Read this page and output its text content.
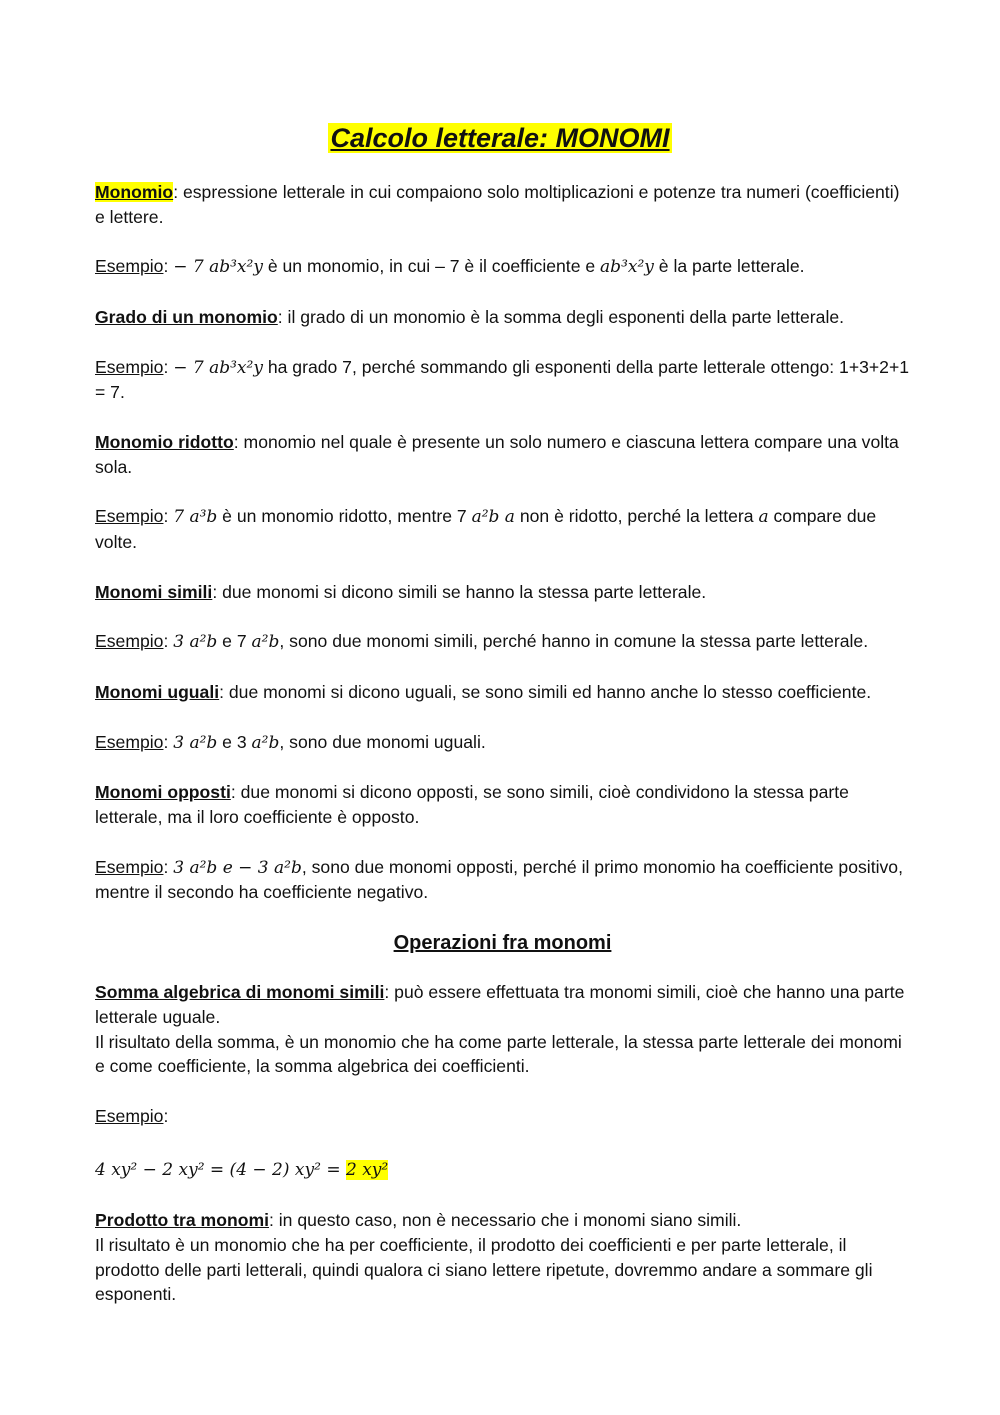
Calcolo letterale: MONOMI

Monomio: espressione letterale in cui compaiono solo moltiplicazioni e potenze tra numeri (coefficienti) e lettere.

Esempio: − 7 ab³x²y è un monomio, in cui – 7 è il coefficiente e ab³x²y è la parte letterale.

Grado di un monomio: il grado di un monomio è la somma degli esponenti della parte letterale.

Esempio: − 7 ab³x²y ha grado 7, perché sommando gli esponenti della parte letterale ottengo: 1+3+2+1 = 7.

Monomio ridotto: monomio nel quale è presente un solo numero e ciascuna lettera compare una volta sola.

Esempio: 7 a³b è un monomio ridotto, mentre 7 a²b a non è ridotto, perché la lettera a compare due volte.

Monomi simili: due monomi si dicono simili se hanno la stessa parte letterale.

Esempio: 3 a²b e 7 a²b, sono due monomi simili, perché hanno in comune la stessa parte letterale.

Monomi uguali: due monomi si dicono uguali, se sono simili ed hanno anche lo stesso coefficiente.

Esempio: 3 a²b e 3 a²b, sono due monomi uguali.

Monomi opposti: due monomi si dicono opposti, se sono simili, cioè condividono la stessa parte letterale, ma il loro coefficiente è opposto.

Esempio: 3 a²b e − 3 a²b, sono due monomi opposti, perché il primo monomio ha coefficiente positivo, mentre il secondo ha coefficiente negativo.

Operazioni fra monomi

Somma algebrica di monomi simili: può essere effettuata tra monomi simili, cioè che hanno una parte letterale uguale.

Il risultato della somma, è un monomio che ha come parte letterale, la stessa parte letterale dei monomi e come coefficiente, la somma algebrica dei coefficienti.

Esempio:

4 xy² − 2 xy² = (4 − 2) xy² = 2 xy²

Prodotto tra monomi: in questo caso, non è necessario che i monomi siano simili.

Il risultato è un monomio che ha per coefficiente, il prodotto dei coefficienti e per parte letterale, il prodotto delle parti letterali, quindi qualora ci siano lettere ripetute, dovremmo andare a sommare gli esponenti.
